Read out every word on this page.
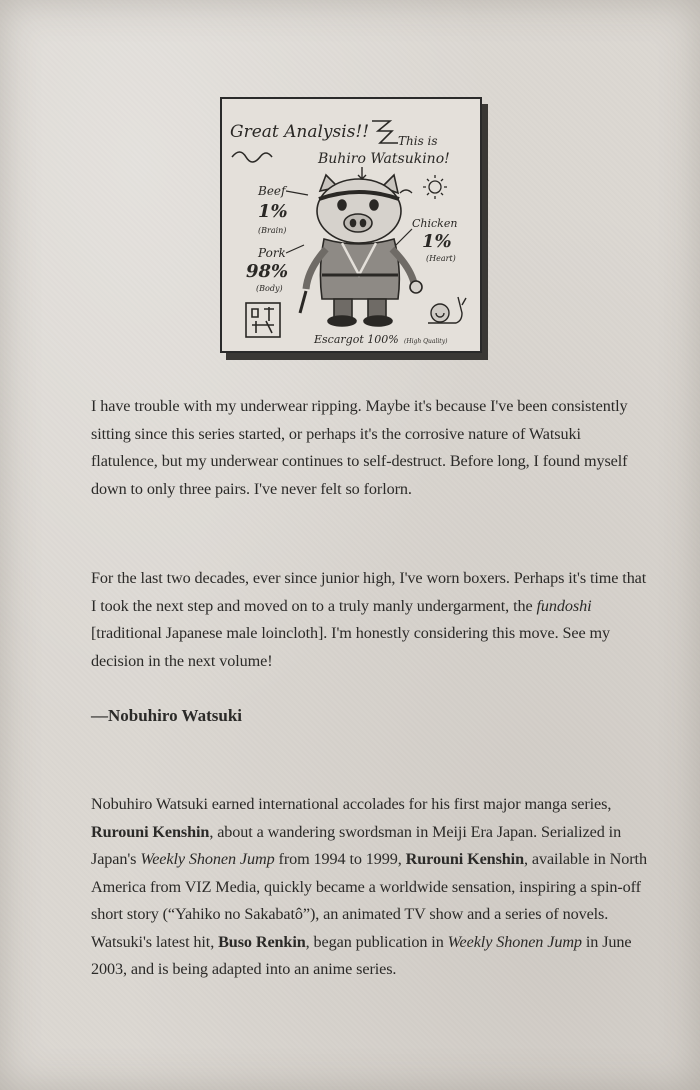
Great Analysis!! This is
Buhiro Watsukino!
Beef
1%
(Brain)
Pork
98%
(Body)
Chicken
1%
(Heart)
Escargot 100% (High Quality)

I have trouble with my underwear ripping. Maybe it's because I've been consistently sitting since this series started, or perhaps it's the corrosive nature of Watsuki flatulence, but my underwear continues to self-destruct. Before long, I found myself down to only three pairs. I've never felt so forlorn.

For the last two decades, ever since junior high, I've worn boxers. Perhaps it's time that I took the next step and moved on to a truly manly undergarment, the fundoshi [traditional Japanese male loincloth]. I'm honestly considering this move. See my decision in the next volume!

—Nobuhiro Watsuki

Nobuhiro Watsuki earned international accolades for his first major manga series, Rurouni Kenshin, about a wandering swordsman in Meiji Era Japan. Serialized in Japan's Weekly Shonen Jump from 1994 to 1999, Rurouni Kenshin, available in North America from VIZ Media, quickly became a worldwide sensation, inspiring a spin-off short story (“Yahiko no Sakabatô”), an animated TV show and a series of novels. Watsuki's latest hit, Buso Renkin, began publication in Weekly Shonen Jump in June 2003, and is being adapted into an anime series.
